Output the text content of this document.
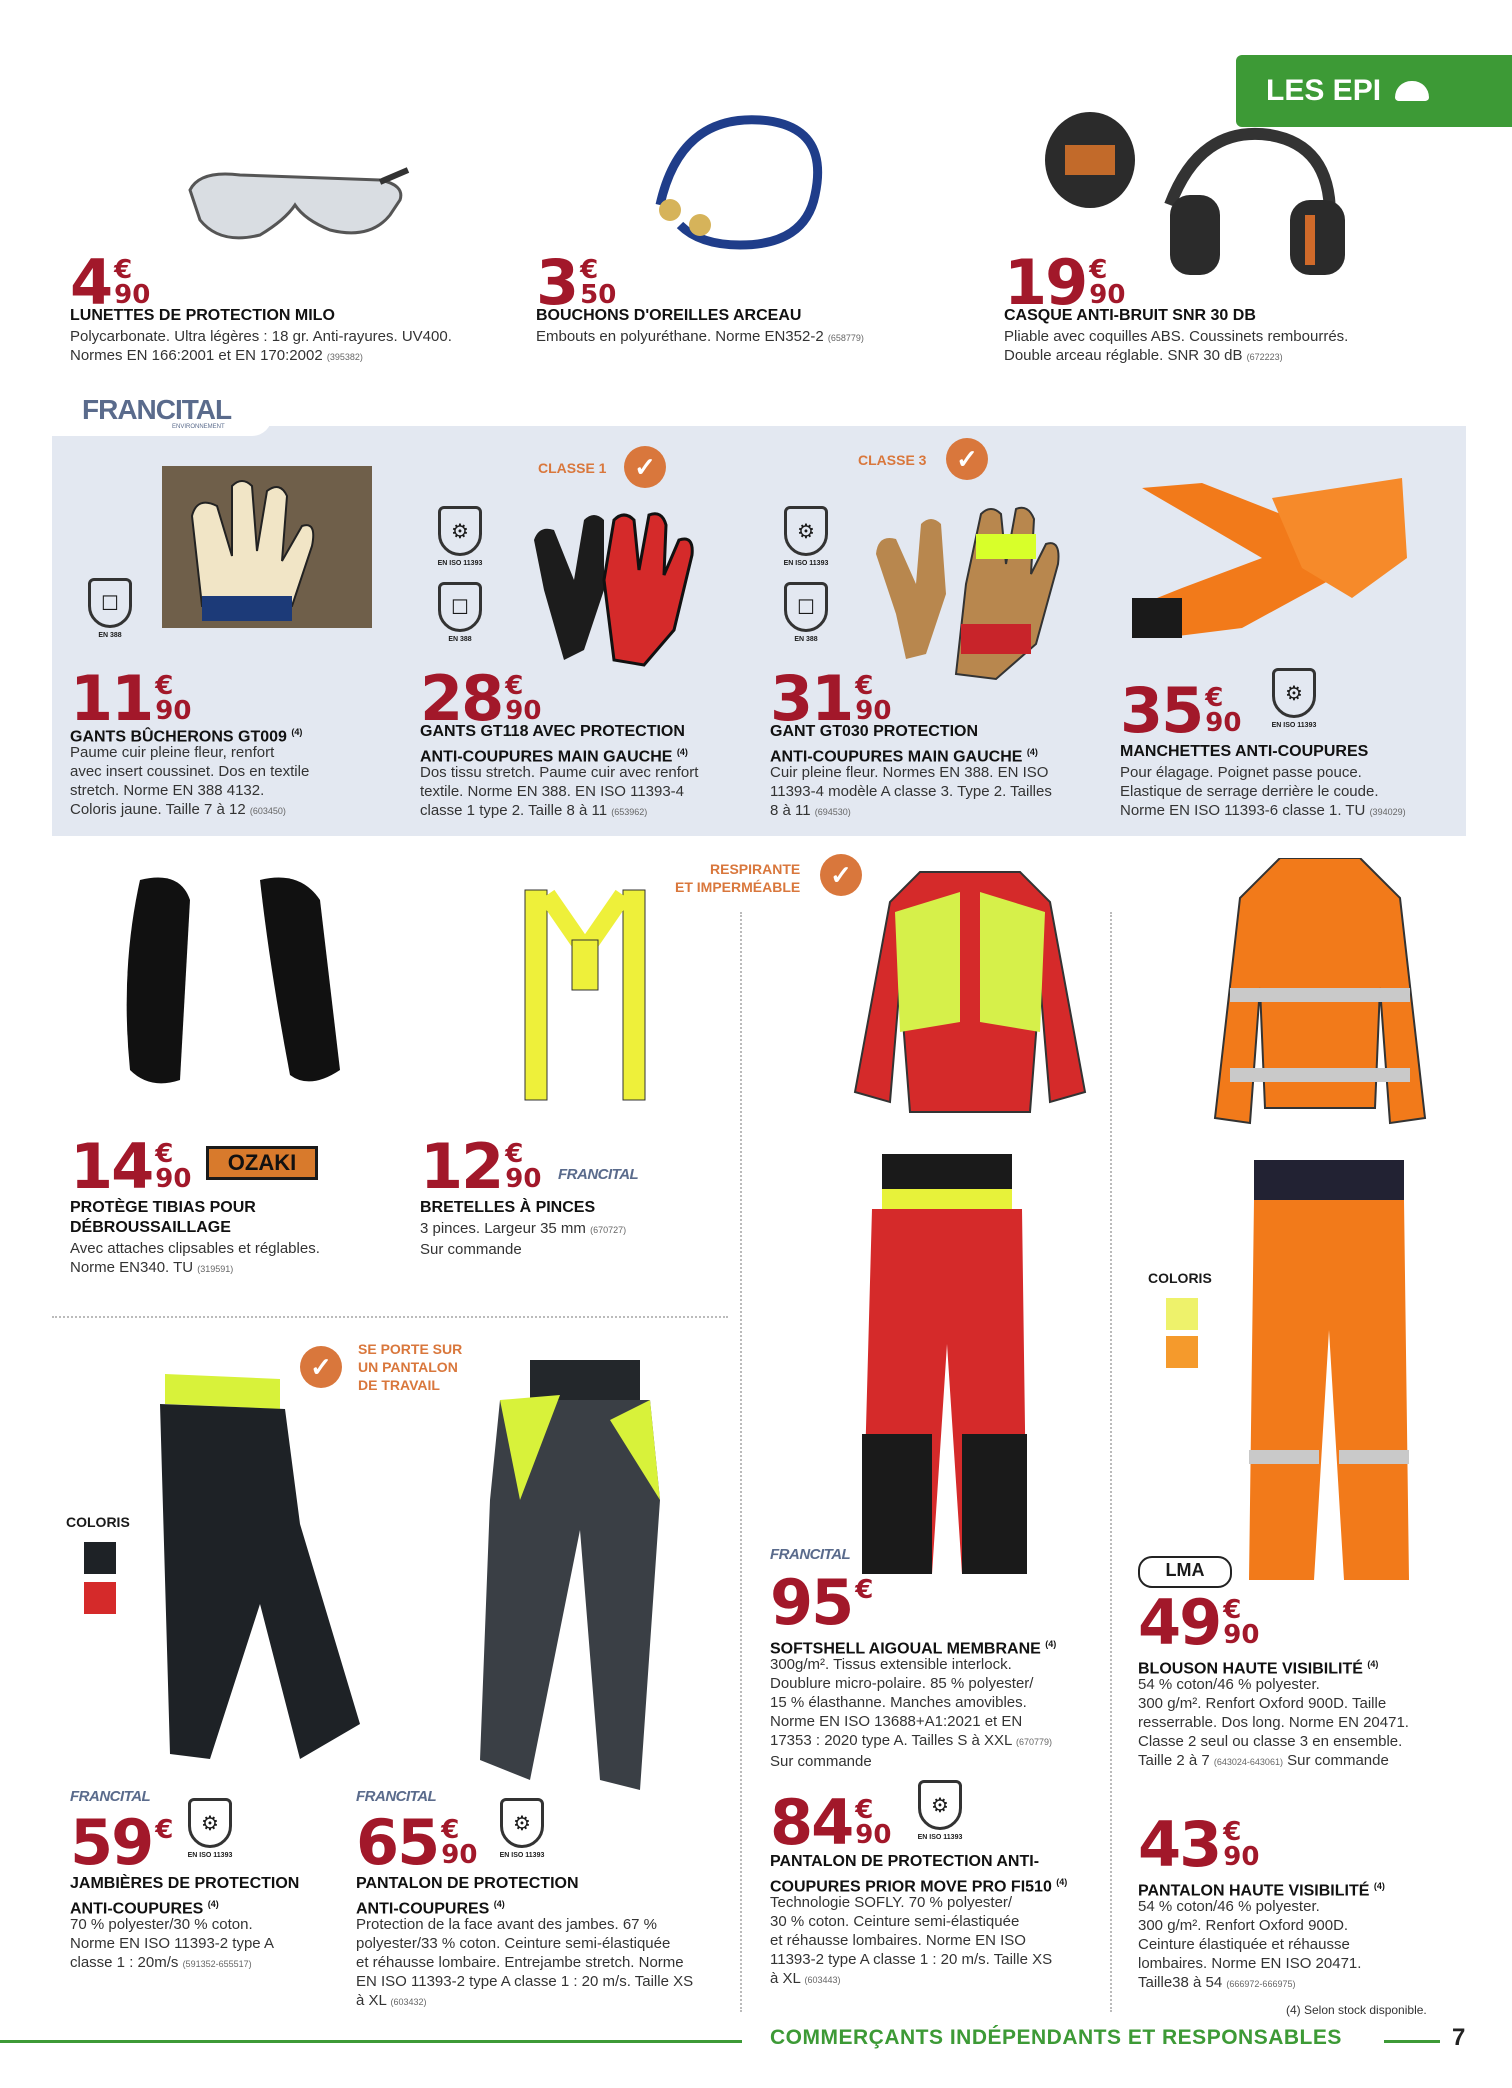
LES EPI
4 €
90
LUNETTES DE PROTECTION MILO
Polycarbonate. Ultra légères : 18 gr. Anti-rayures. UV400.
Normes EN 166:2001 et EN 170:2002 (395382)
3 €
50
BOUCHONS D'OREILLES ARCEAU
Embouts en polyuréthane. Norme EN352-2 (658779)
19 €
90
CASQUE ANTI-BRUIT SNR 30 DB
Pliable avec coquilles ABS. Coussinets rembourrés.
Double arceau réglable. SNR 30 dB (672223)
FRANCITAL
ENVIRONNEMENT
☐
EN 388
11 €
90
GANTS BÛCHERONS GT009 $^{(4)}$
Paume cuir pleine fleur, renfort
avec insert coussinet. Dos en textile
stretch. Norme EN 388 4132.
Coloris jaune. Taille 7 à 12 (603450)
CLASSE 1	✓
⚙
EN ISO 11393
☐
EN 388
28 €
90
GANTS GT118 AVEC PROTECTION
ANTI-COUPURES MAIN GAUCHE $^{(4)}$
Dos tissu stretch. Paume cuir avec renfort
textile. Norme EN 388. EN ISO 11393-4
classe 1 type 2. Taille 8 à 11 (653962)
CLASSE 3	✓
⚙
EN ISO 11393
☐
EN 388
31 €
90
GANT GT030 PROTECTION
ANTI-COUPURES MAIN GAUCHE $^{(4)}$
Cuir pleine fleur. Normes EN 388. EN ISO
11393-4 modèle A classe 3. Type 2. Tailles
8 à 11 (694530)
35 €
90
⚙
EN ISO 11393
MANCHETTES ANTI-COUPURES
Pour élagage. Poignet passe pouce.
Elastique de serrage derrière le coude.
Norme EN ISO 11393-6 classe 1. TU (394029)
14 €
90
OZAKI
PROTÈGE TIBIAS POUR
DÉBROUSSAILLAGE
Avec attaches clipsables et réglables.
Norme EN340. TU (319591)
12 €
90 FRANCITAL
BRETELLES À PINCES
3 pinces. Largeur 35 mm (670727)
Sur commande
RESPIRANTE
ET IMPERMÉABLE	✓
FRANCITAL
95 €
SOFTSHELL AIGOUAL MEMBRANE $^{(4)}$
300g/m². Tissus extensible interlock.
Doublure micro-polaire. 85 % polyester/
15 % élasthanne. Manches amovibles.
Norme EN ISO 13688+A1:2021 et EN
17353 : 2020 type A. Tailles S à XXL (670779)
Sur commande
84 €
90
⚙
EN ISO 11393
PANTALON DE PROTECTION ANTI-
COUPURES PRIOR MOVE PRO FI510 $^{(4)}$
Technologie SOFLY. 70 % polyester/
30 % coton. Ceinture semi-élastiquée
et réhausse lombaires. Norme EN ISO
11393-2 type A classe 1 : 20 m/s. Taille XS
à XL (603443)
COLORIS
LMA
49 €
90
BLOUSON HAUTE VISIBILITÉ $^{(4)}$
54 % coton/46 % polyester.
300 g/m². Renfort Oxford 900D. Taille
resserrable. Dos long. Norme EN 20471.
Classe 2 seul ou classe 3 en ensemble.
Taille 2 à 7 (643024-643061) Sur commande
43 €
90
PANTALON HAUTE VISIBILITÉ $^{(4)}$
54 % coton/46 % polyester.
300 g/m². Renfort Oxford 900D.
Ceinture élastiquée et réhausse
lombaires. Norme EN ISO 20471.
Taille38 à 54 (666972-666975)
SE PORTE SUR
UN PANTALON
DE TRAVAIL
✓
COLORIS
FRANCITAL
59 €	⚙
EN ISO 11393
JAMBIÈRES DE PROTECTION
ANTI-COUPURES $^{(4)}$
70 % polyester/30 % coton.
Norme EN ISO 11393-2 type A
classe 1 : 20m/s (591352-655517)
FRANCITAL
65 €
90
⚙
EN ISO 11393
PANTALON DE PROTECTION
ANTI-COUPURES $^{(4)}$
Protection de la face avant des jambes. 67 %
polyester/33 % coton. Ceinture semi-élastiquée
et réhausse lombaire. Entrejambe stretch. Norme
EN ISO 11393-2 type A classe 1 : 20 m/s. Taille XS
à XL (603432)
(4) Selon stock disponible.
COMMERÇANTS INDÉPENDANTS ET RESPONSABLES	7
